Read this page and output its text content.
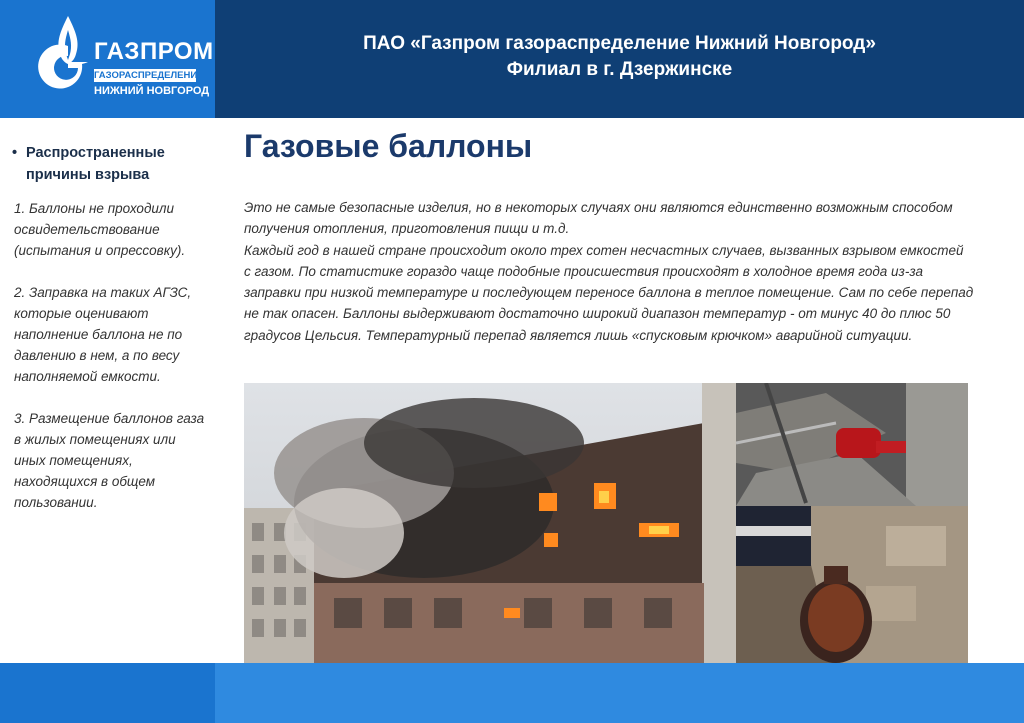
ГАЗПРОМ
ГАЗОРАСПРЕДЕЛЕНИЕ
НИЖНИЙ НОВГОРОД
ПАО «Газпром газораспределение Нижний Новгород»
Филиал в г. Дзержинске
• Распространенные причины взрыва

1. Баллоны не проходили освидетельствование (испытания и опрессовку).

2. Заправка на таких АГЗС, которые оценивают наполнение баллона не по давлению в нем, а по весу наполняемой емкости.

3. Размещение баллонов газа в жилых помещениях или иных помещениях, находящихся в общем пользовании.

Газовые баллоны

Это не самые безопасные изделия, но в некоторых случаях они являются единственно возможным способом получения отопления, приготовления пищи и т.д.

Каждый год в нашей стране происходит около трех сотен несчастных случаев, вызванных взрывом емкостей с газом. По статистике гораздо чаще подобные происшествия происходят в холодное время года из-за заправки при низкой температуре и последующем переносе баллона в теплое помещение. Сам по себе перепад не так опасен. Баллоны выдерживают достаточно широкий диапазон температур - от минус 40 до плюс 50 градусов Цельсия. Температурный перепад является лишь «спусковым крючком» аварийной ситуации.
